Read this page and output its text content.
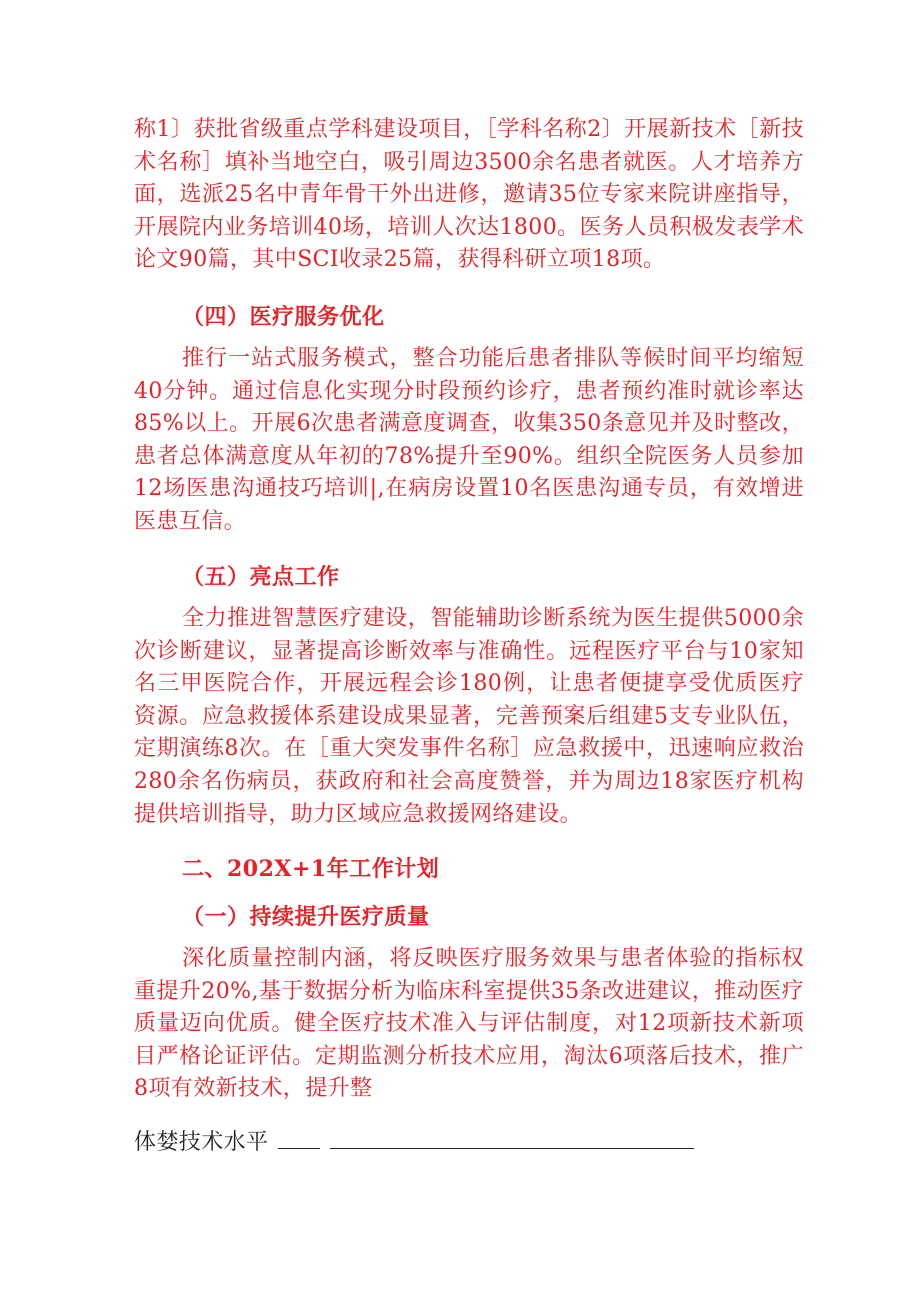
称1〕获批省级重点学科建设项目，［学科名称2〕开展新技术［新技术名称］填补当地空白，吸引周边3500余名患者就医。人才培养方面，选派25名中青年骨干外出进修，邀请35位专家来院讲座指导，开展院内业务培训40场，培训人次达1800。医务人员积极发表学术论文90篇，其中SCI收录25篇，获得科研立项18项。

（四）医疗服务优化

推行一站式服务模式，整合功能后患者排队等候时间平均缩短40分钟。通过信息化实现分时段预约诊疗，患者预约准时就诊率达85%以上。开展6次患者满意度调查，收集350条意见并及时整改，患者总体满意度从年初的78%提升至90%。组织全院医务人员参加12场医患沟通技巧培训|,在病房设置10名医患沟通专员，有效增进医患互信。

（五）亮点工作

全力推进智慧医疗建设，智能辅助诊断系统为医生提供5000余次诊断建议，显著提高诊断效率与准确性。远程医疗平台与10家知名三甲医院合作，开展远程会诊180例，让患者便捷享受优质医疗资源。应急救援体系建设成果显著，完善预案后组建5支专业队伍，定期演练8次。在［重大突发事件名称］应急救援中，迅速响应救治280余名伤病员，获政府和社会高度赞誉，并为周边18家医疗机构提供培训指导，助力区域应急救援网络建设。

二、202X+1年工作计划
（一）持续提升医疗质量

深化质量控制内涵，将反映医疗服务效果与患者体验的指标权重提升20%,基于数据分析为临床科室提供35条改进建议，推动医疗质量迈向优质。健全医疗技术准入与评估制度，对12项新技术新项目严格论证评估。定期监测分析技术应用，淘汰6项落后技术，推广8项有效新技术，提升整

体婪技术水平
